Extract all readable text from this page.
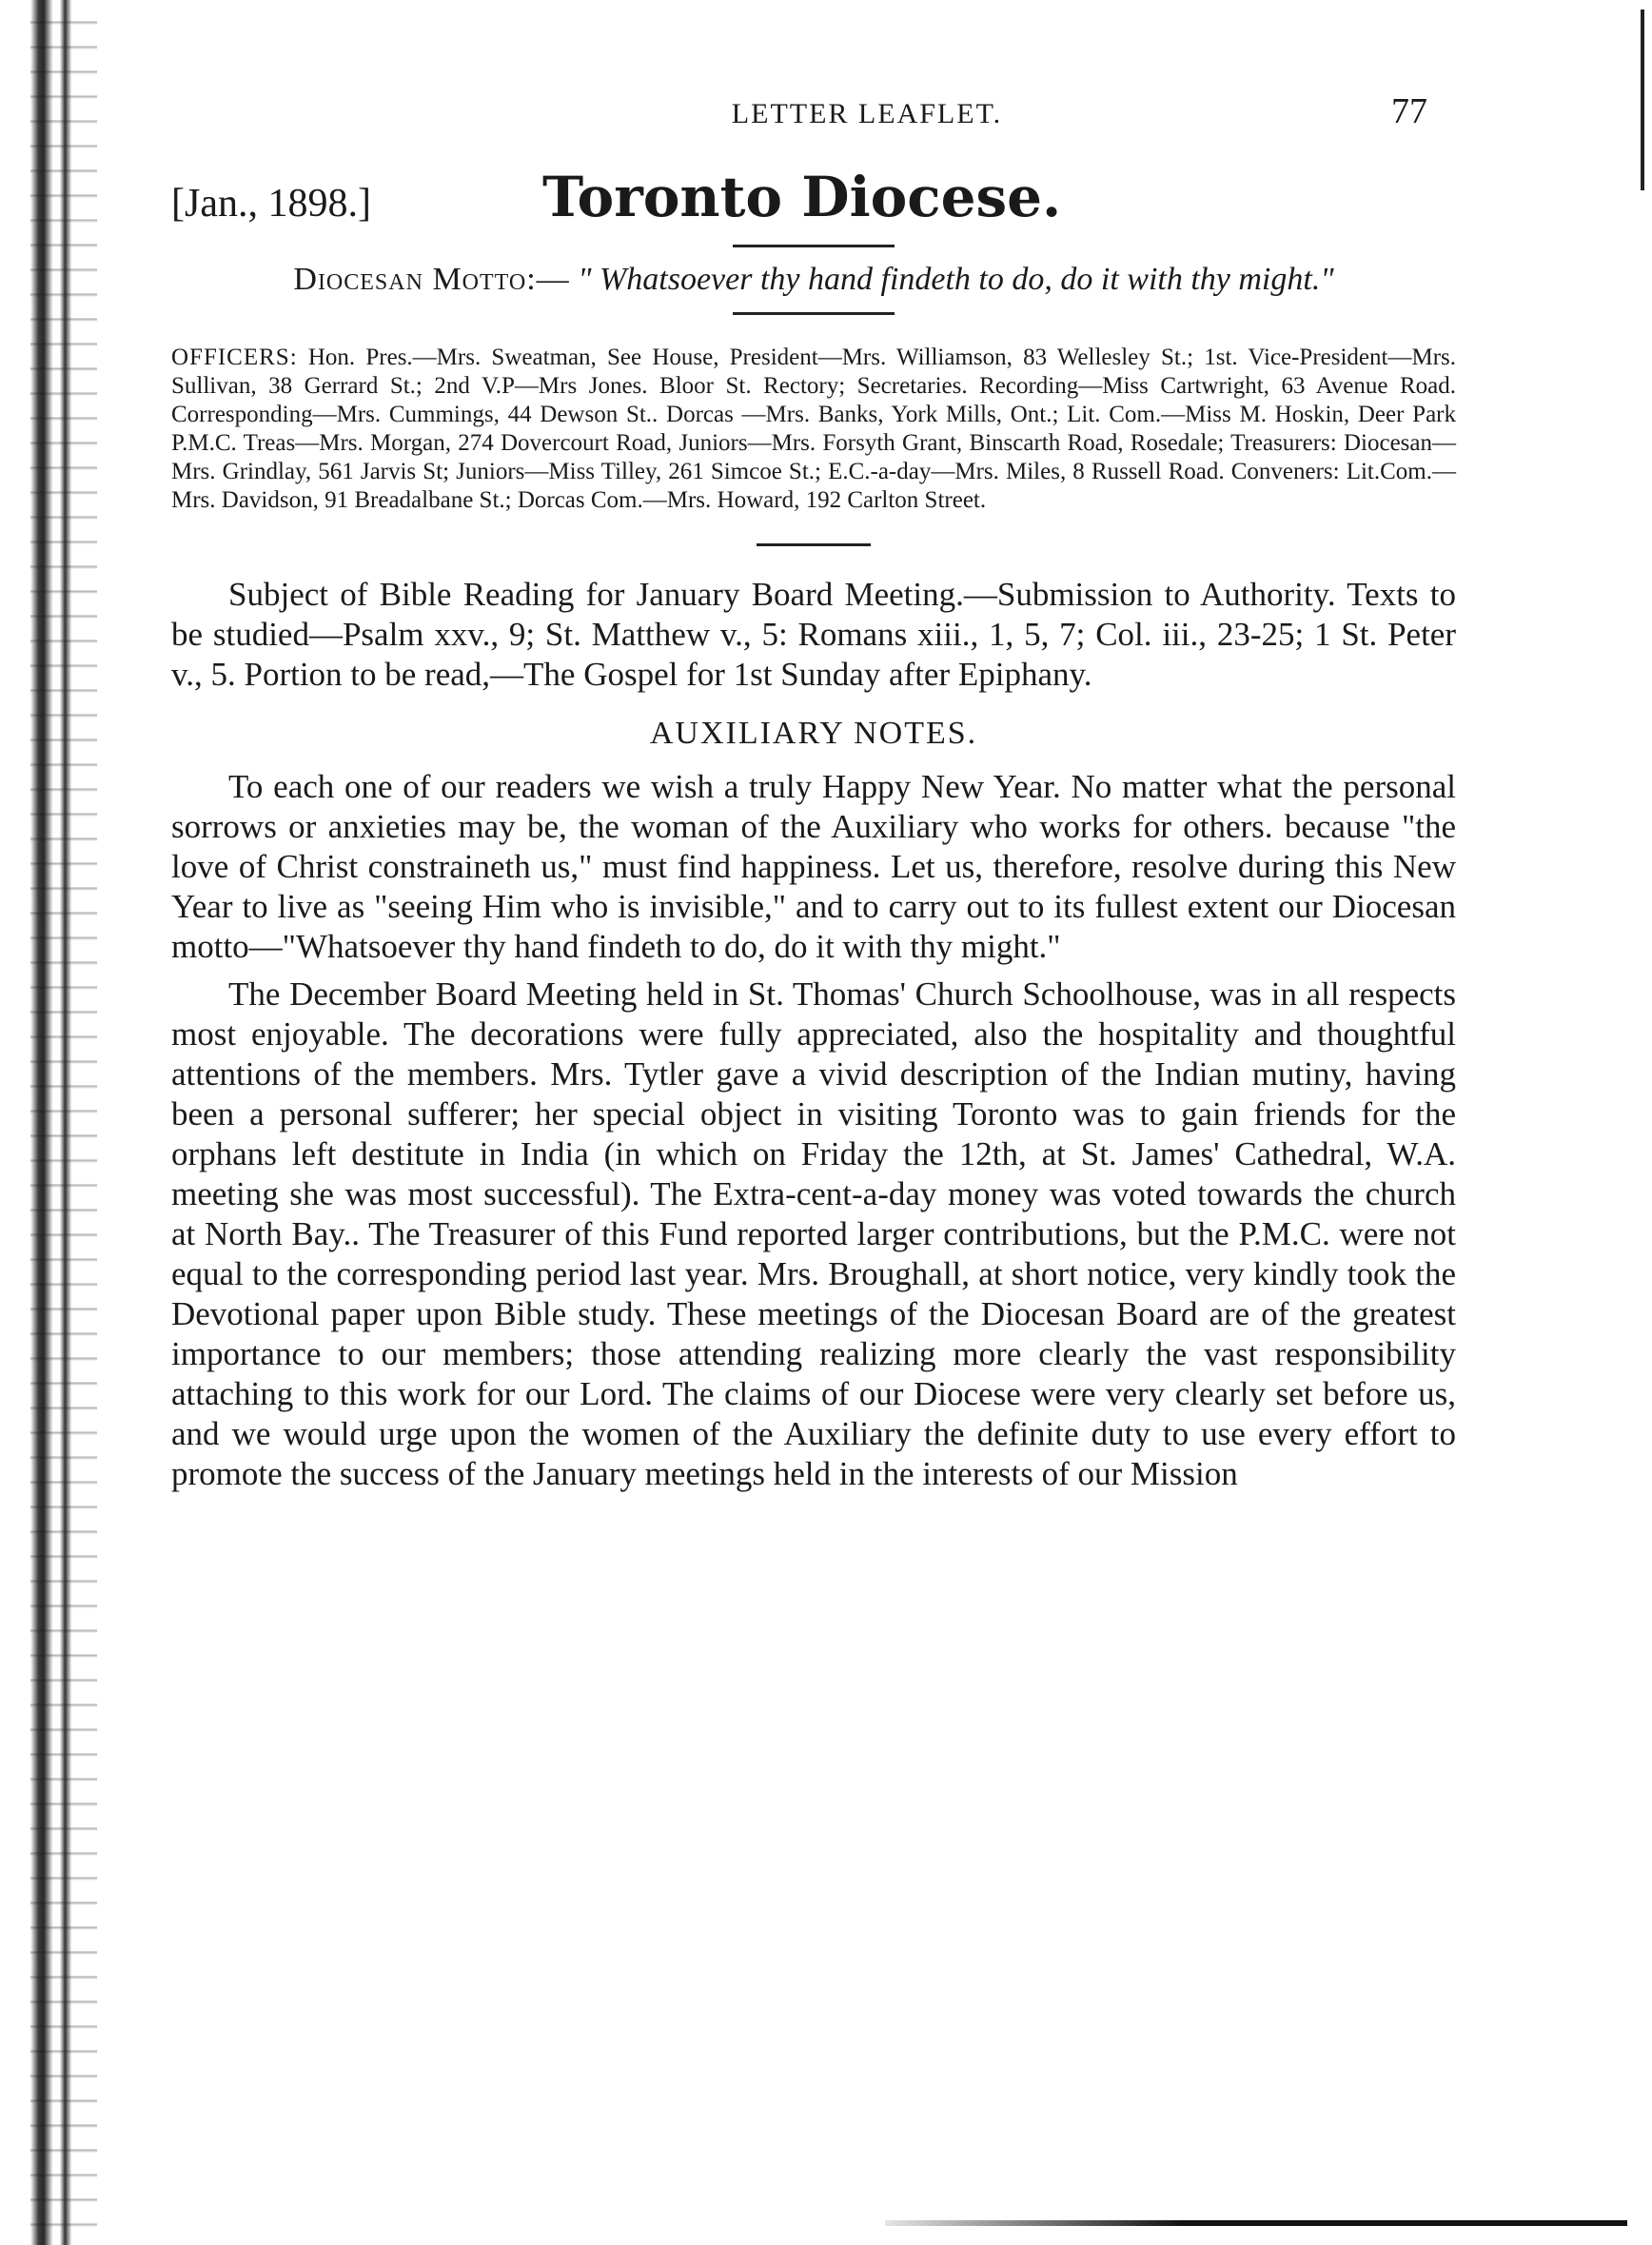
LETTER LEAFLET.	77
[Jan., 1898.]	Toronto Diocese.
Diocesan Motto:— " Whatsoever thy hand findeth to do, do it with thy might."
OFFICERS: Hon. Pres.—Mrs. Sweatman, See House, President—Mrs. Williamson, 83 Wellesley St.; 1st. Vice-President—Mrs. Sullivan, 38 Gerrard St.; 2nd V.P—Mrs Jones. Bloor St. Rectory; Secretaries. Recording—Miss Cartwright, 63 Avenue Road. Corresponding—Mrs. Cummings, 44 Dewson St.. Dorcas —Mrs. Banks, York Mills, Ont.; Lit. Com.—Miss M. Hoskin, Deer Park P.M.C. Treas—Mrs. Morgan, 274 Dovercourt Road, Juniors—Mrs. Forsyth Grant, Binscarth Road, Rosedale; Treasurers: Diocesan—Mrs. Grindlay, 561 Jarvis St; Juniors—Miss Tilley, 261 Simcoe St.; E.C.-a-day—Mrs. Miles, 8 Russell Road. Conveners: Lit.Com.—Mrs. Davidson, 91 Breadalbane St.; Dorcas Com.—Mrs. Howard, 192 Carlton Street.

Subject of Bible Reading for January Board Meeting.—Submission to Authority. Texts to be studied—Psalm xxv., 9; St. Matthew v., 5: Romans xiii., 1, 5, 7; Col. iii., 23-25; 1 St. Peter v., 5. Portion to be read,—The Gospel for 1st Sunday after Epiphany.

AUXILIARY NOTES.

To each one of our readers we wish a truly Happy New Year. No matter what the personal sorrows or anxieties may be, the woman of the Auxiliary who works for others. because "the love of Christ constraineth us," must find happiness. Let us, therefore, resolve during this New Year to live as "seeing Him who is invisible," and to carry out to its fullest extent our Diocesan motto—"Whatsoever thy hand findeth to do, do it with thy might."

The December Board Meeting held in St. Thomas' Church Schoolhouse, was in all respects most enjoyable. The decorations were fully appreciated, also the hospitality and thoughtful attentions of the members. Mrs. Tytler gave a vivid description of the Indian mutiny, having been a personal sufferer; her special object in visiting Toronto was to gain friends for the orphans left destitute in India (in which on Friday the 12th, at St. James' Cathedral, W.A. meeting she was most successful). The Extra-cent-a-day money was voted towards the church at North Bay.. The Treasurer of this Fund reported larger contributions, but the P.M.C. were not equal to the corresponding period last year. Mrs. Broughall, at short notice, very kindly took the Devotional paper upon Bible study. These meetings of the Diocesan Board are of the greatest importance to our members; those attending realizing more clearly the vast responsibility attaching to this work for our Lord. The claims of our Diocese were very clearly set before us, and we would urge upon the women of the Auxiliary the definite duty to use every effort to promote the success of the January meetings held in the interests of our Mission
